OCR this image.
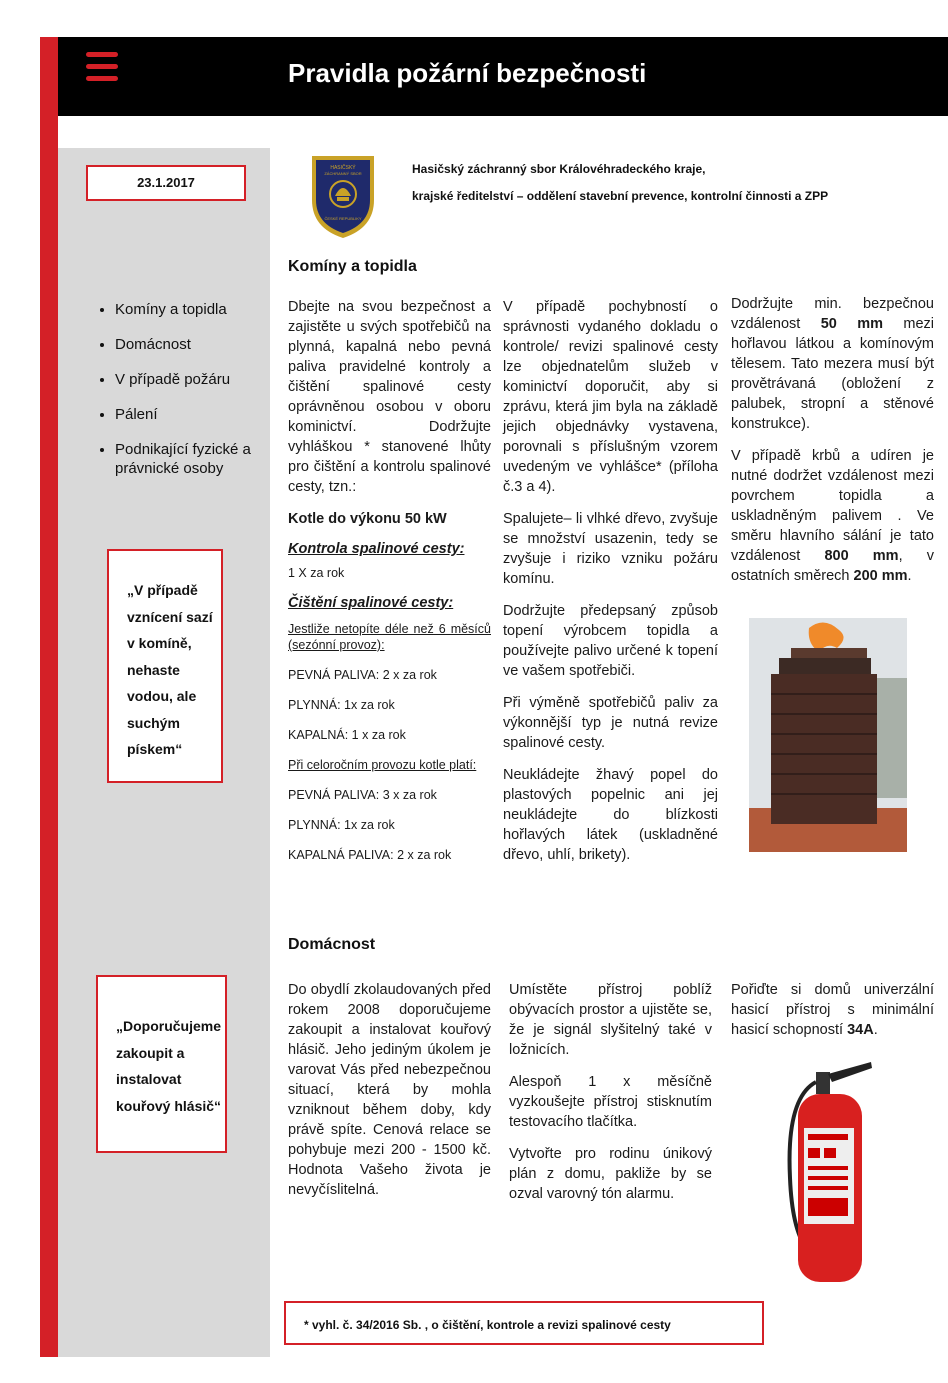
Pravidla požární bezpečnosti
23.1.2017
• Komíny a topidla
• Domácnost
• V případě požáru
• Pálení
• Podnikající fyzické a právnické osoby
„V případě
vznícení sazí
v komíně,
nehaste
vodou, ale
suchým
pískem“
„Doporučujeme
zakoupit a
instalovat
kouřový hlásič“
HASIČSKÝ
ZÁCHRANNÝ SBOR
ČESKÉ REPUBLIKY
Hasičský záchranný sbor Královéhradeckého kraje,
krajské ředitelství – oddělení stavební prevence, kontrolní činnosti a ZPP
Komíny a topidla

Dbejte na svou bezpečnost a zajistěte u svých spotřebičů na plynná, kapalná nebo pevná paliva pravidelné kontroly a čištění spalinové cesty oprávněnou osobou v oboru kominictví. Dodržujte vyhláškou * stanovené lhůty pro čištění a kontrolu spalinové cesty, tzn.:

Kotle do výkonu 50 kW

Kontrola spalinové cesty:

1 X za rok

Čištění spalinové cesty:

Jestliže netopíte déle než 6 měsíců (sezónní provoz):

PEVNÁ PALIVA: 2 x za rok

PLYNNÁ: 1x za rok

KAPALNÁ: 1 x za rok

Při celoročním provozu kotle platí:

PEVNÁ PALIVA: 3 x za rok

PLYNNÁ: 1x za rok

KAPALNÁ PALIVA: 2 x za rok

V případě pochybností o správnosti vydaného dokladu o kontrole/ revizi spalinové cesty lze objednatelům služeb v kominictví doporučit, aby si zprávu, která jim byla na základě jejich objednávky vystavena, porovnali s příslušným vzorem uvedeným ve vyhlášce* (příloha č.3 a 4).

Spalujete– li vlhké dřevo, zvyšuje se množství usazenin, tedy se zvyšuje i riziko vzniku požáru komínu.

Dodržujte předepsaný způsob topení výrobcem topidla a používejte palivo určené k topení ve vašem spotřebiči.

Při výměně spotřebičů paliv za výkonnější typ je nutná revize spalinové cesty.

Neukládejte žhavý popel do plastových popelnic ani jej neukládejte do blízkosti hořlavých látek (uskladněné dřevo, uhlí, brikety).

Dodržujte min. bezpečnou vzdálenost 50 mm mezi hořlavou látkou a komínovým tělesem. Tato mezera musí být provětrávaná (obložení z palubek, stropní a stěnové konstrukce).

V případě krbů a udíren je nutné dodržet vzdálenost mezi povrchem topidla a uskladněným palivem . Ve směru hlavního sálání je tato vzdálenost 800 mm, v ostatních směrech 200 mm.

Domácnost

Do obydlí zkolaudovaných před rokem 2008 doporučujeme zakoupit a instalovat kouřový hlásič. Jeho jediným úkolem je varovat Vás před nebezpečnou situací, která by mohla vzniknout během doby, kdy právě spíte. Cenová relace se pohybuje mezi 200 - 1500 kč. Hodnota Vašeho života je nevyčíslitelná.

Umístěte přístroj poblíž obývacích prostor a ujistěte se, že je signál slyšitelný také v ložnicích.

Alespoň 1 x měsíčně vyzkoušejte přístroj stisknutím testovacího tlačítka.

Vytvořte pro rodinu únikový plán z domu, pakliže by se ozval varovný tón alarmu.

Pořiďte si domů univerzální hasicí přístroj s minimální hasicí schopností 34A.

* vyhl. č. 34/2016 Sb. , o čištění, kontrole a revizi spalinové cesty
